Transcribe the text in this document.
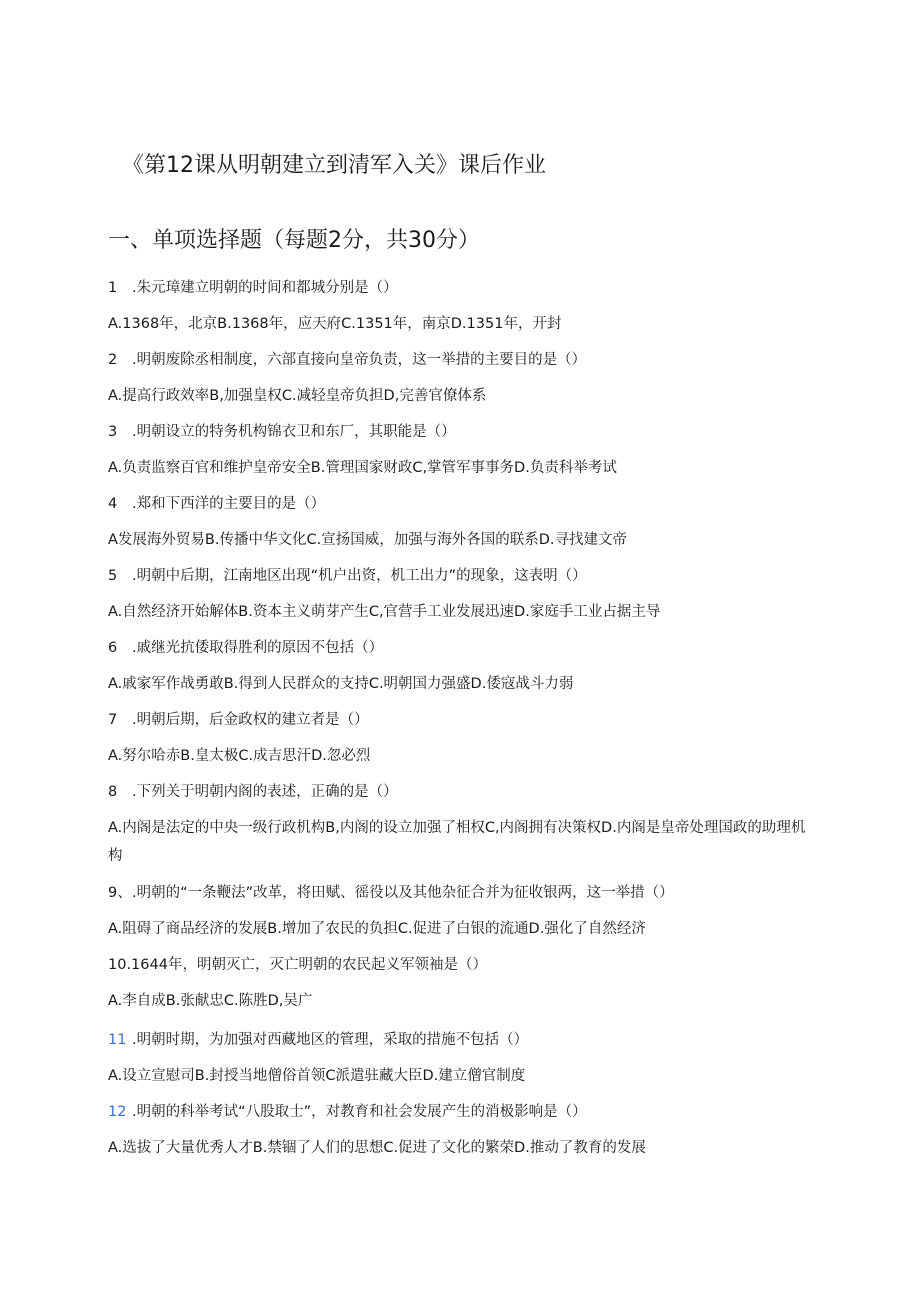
《第12课从明朝建立到清军入关》课后作业
一、单项选择题（每题2分，共30分）
1 .朱元璋建立明朝的时间和都城分别是（）
A.1368年，北京B.1368年，应天府C.1351年，南京D.1351年，开封
2 .明朝废除丞相制度，六部直接向皇帝负责，这一举措的主要目的是（）
A.提高行政效率B,加强皇权C.减轻皇帝负担D,完善官僚体系
3 .明朝设立的特务机构锦衣卫和东厂，其职能是（）
A.负责监察百官和维护皇帝安全B.管理国家财政C,掌管军事事务D.负责科举考试
4 .郑和下西洋的主要目的是（）
A发展海外贸易B.传播中华文化C.宣扬国威，加强与海外各国的联系D.寻找建文帝
5 .明朝中后期，江南地区出现“机户出资，机工出力”的现象，这表明（）
A.自然经济开始解体B.资本主义萌芽产生C,官营手工业发展迅速D.家庭手工业占据主导
6 .戚继光抗倭取得胜利的原因不包括（）
A.戚家军作战勇敢B.得到人民群众的支持C.明朝国力强盛D.倭寇战斗力弱
7 .明朝后期，后金政权的建立者是（）
A.努尔哈赤B.皇太极C.成吉思汗D.忽必烈
8 .下列关于明朝内阁的表述，正确的是（）
A.内阁是法定的中央一级行政机构B,内阁的设立加强了相权C,内阁拥有决策权D.内阁是皇帝处理国政的助理机构
9、.明朝的“一条鞭法”改革，将田赋、徭役以及其他杂征合并为征收银两，这一举措（）
A.阻碍了商品经济的发展B.增加了农民的负担C.促进了白银的流通D.强化了自然经济
10.1644年，明朝灭亡，灭亡明朝的农民起义军领袖是（）
A.李自成B.张献忠C.陈胜D,吴广
11 .明朝时期，为加强对西藏地区的管理，采取的措施不包括（）
A.设立宣慰司B.封授当地僧俗首领C派遣驻藏大臣D.建立僧官制度
12 .明朝的科举考试“八股取士”，对教育和社会发展产生的消极影响是（）
A.选拔了大量优秀人才B.禁锢了人们的思想C.促进了文化的繁荣D.推动了教育的发展
